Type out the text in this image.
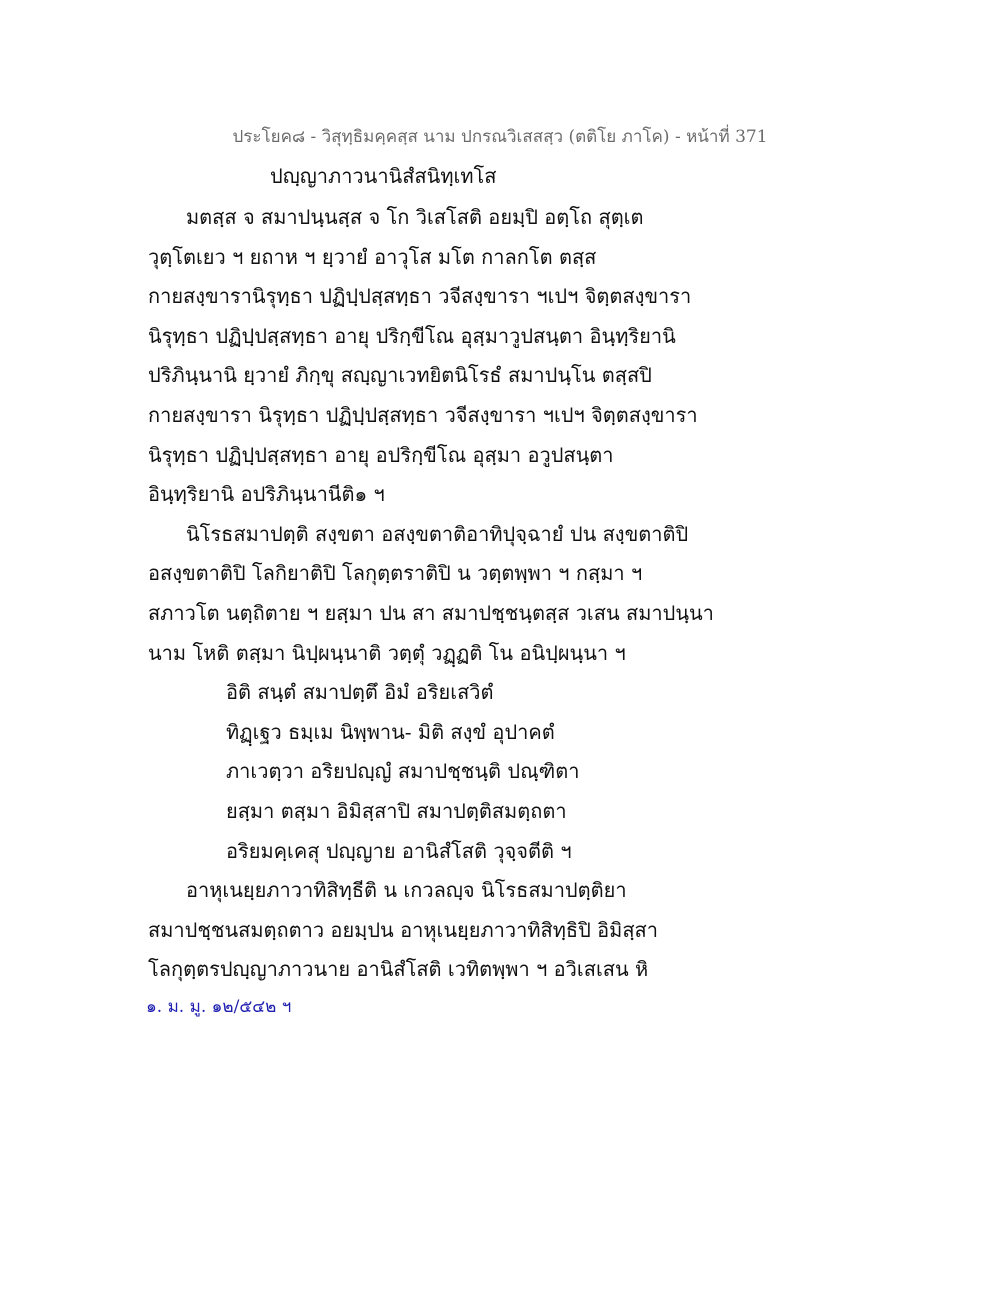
ประโยค๘ - วิสุทฺธิมคฺคสฺส นาม ปกรณวิเสสสฺว (ตติโย ภาโค) - หน้าที่ 371
ปญฺญาภาวนานิสํสนิทฺเทโส
มตสฺส จ สมาปนฺนสฺส จ โก วิเสโสติ อยมฺปิ อตฺโถ สุตฺเต
วุตฺโตเยว ฯ ยถาห ฯ ยฺวายํ อาวุโส มโต กาลกโต ตสฺส
กายสงฺขารานิรุทฺธา ปฏิปฺปสฺสทฺธา วจีสงฺขารา ฯเปฯ จิตฺตสงฺขารา
นิรุทฺธา ปฏิปฺปสฺสทฺธา อายุ ปริกฺขีโณ อุสฺมาวูปสนฺตา อินฺทฺริยานิ
ปริภินฺนานิ ยฺวายํ ภิกฺขุ สญฺญาเวทยิตนิโรธํ สมาปนฺโน ตสฺสปิ
กายสงฺขารา นิรุทฺธา ปฏิปฺปสฺสทฺธา วจีสงฺขารา ฯเปฯ จิตฺตสงฺขารา
นิรุทฺธา ปฏิปฺปสฺสทฺธา อายุ อปริกฺขีโณ อุสฺมา อวูปสนฺตา
อินฺทฺริยานิ อปริภินฺนานีติ๑ ฯ
นิโรธสมาปตฺติ สงฺขตา อสงฺขตาติอาทิปุจฺฉายํ ปน สงฺขตาติปิ
อสงฺขตาติปิ โลกิยาติปิ โลกุตฺตราติปิ น วตฺตพฺพา ฯ กสฺมา ฯ
สภาวโต นตฺถิตาย ฯ ยสฺมา ปน สา สมาปชฺชนฺตสฺส วเสน สมาปนฺนา
นาม โหติ ตสฺมา นิปฺผนฺนาติ วตฺตุํ วฏฺฏติ โน อนิปฺผนฺนา ฯ
อิติ สนฺตํ สมาปตฺตึ อิมํ อริยเสวิตํ
ทิฏฺเฐว ธมฺเม นิพฺพาน- มิติ สงฺขํ อุปาคตํ
ภาเวตฺวา อริยปญฺญํ สมาปชฺชนฺติ ปณฺฑิตา
ยสฺมา ตสฺมา อิมิสฺสาปิ สมาปตฺติสมตฺถตา
อริยมคฺเคสุ ปญฺญาย อานิสํโสติ วุจฺจตีติ ฯ
อาหุเนยฺยภาวาทิสิทฺธีติ น เกวลญฺจ นิโรธสมาปตฺติยา
สมาปชฺชนสมตฺถตาว อยมฺปน อาหุเนยฺยภาวาทิสิทฺธิปิ อิมิสฺสา
โลกุตฺตรปญฺญาภาวนาย อานิสํโสติ เวทิตพฺพา ฯ อวิเสเสน หิ
๑. ม. มู. ๑๒/๕๔๒ ฯ
